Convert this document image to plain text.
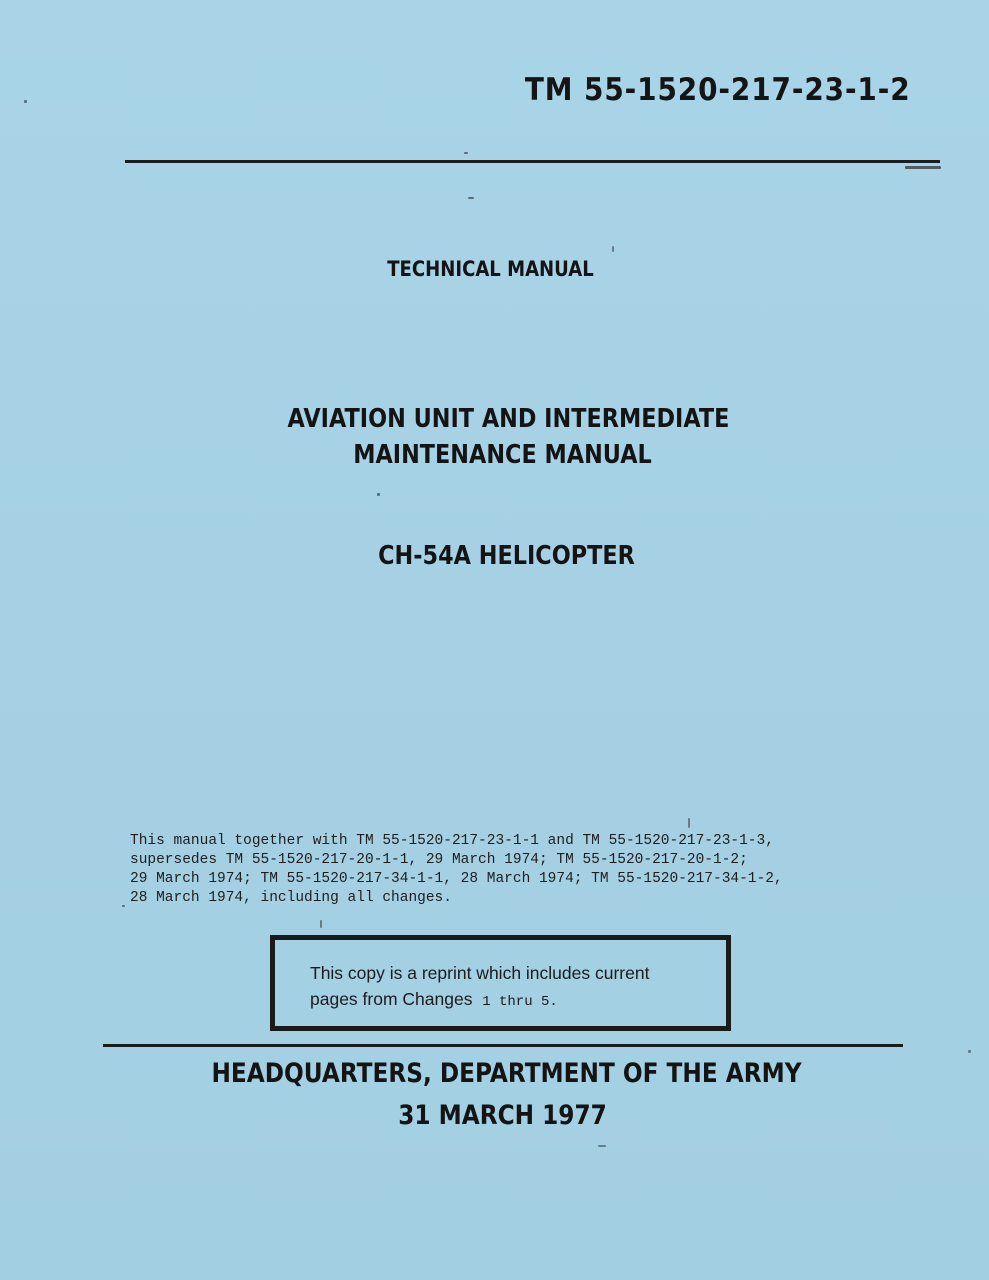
TM 55-1520-217-23-1-2
TECHNICAL MANUAL
AVIATION UNIT AND INTERMEDIATE
MAINTENANCE MANUAL
CH-54A HELICOPTER
This manual together with TM 55-1520-217-23-1-1 and TM 55-1520-217-23-1-3,
supersedes TM 55-1520-217-20-1-1, 29 March 1974; TM 55-1520-217-20-1-2;
29 March 1974; TM 55-1520-217-34-1-1, 28 March 1974; TM 55-1520-217-34-1-2,
28 March 1974, including all changes.
This copy is a reprint which includes current
pages from Changes 1 thru 5.
HEADQUARTERS, DEPARTMENT OF THE ARMY
31 MARCH 1977
